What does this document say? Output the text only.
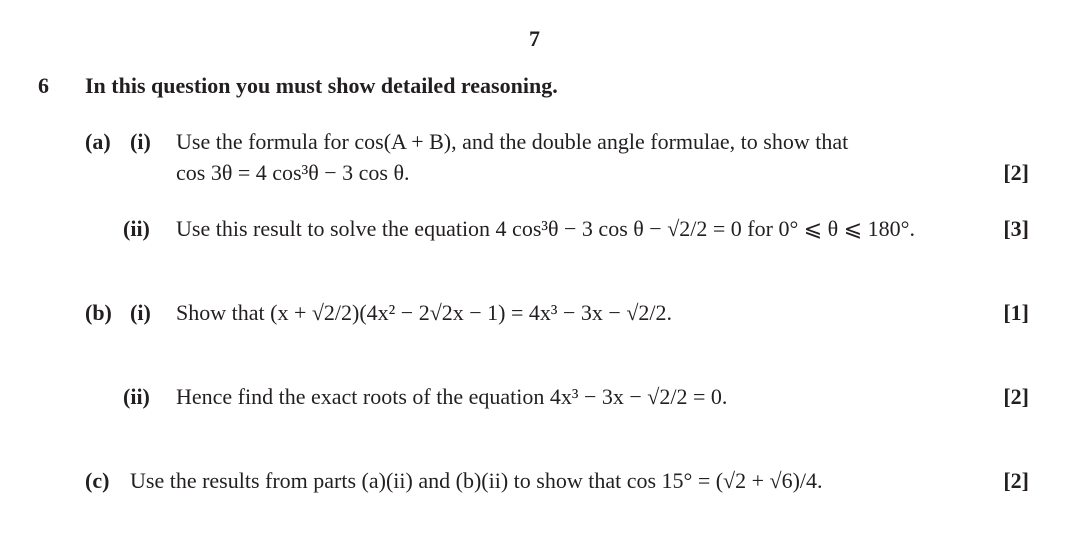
7
6 In this question you must show detailed reasoning.
(a) (i) Use the formula for cos(A + B), and the double angle formulae, to show that
cos 3θ = 4 cos³θ − 3 cos θ.	[2]
(ii) Use this result to solve the equation 4 cos³θ − 3 cos θ − √2/2 = 0 for 0° ⩽ θ ⩽ 180°.	[3]
(b) (i) Show that (x + √2/2)(4x² − 2√2x − 1) = 4x³ − 3x − √2/2.	[1]
(ii) Hence find the exact roots of the equation 4x³ − 3x − √2/2 = 0.	[2]
(c) Use the results from parts (a)(ii) and (b)(ii) to show that cos 15° = (√2 + √6)/4.	[2]
